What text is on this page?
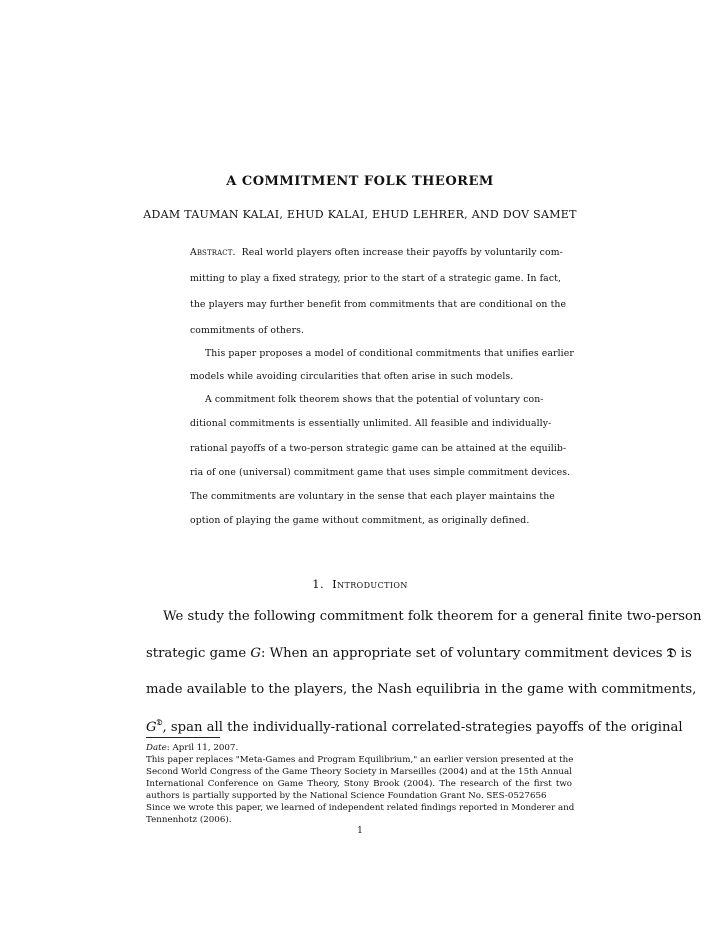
A COMMITMENT FOLK THEOREM
ADAM TAUMAN KALAI, EHUD KALAI, EHUD LEHRER, AND DOV SAMET
Abstract. Real world players often increase their payoffs by voluntarily com-
mitting to play a fixed strategy, prior to the start of a strategic game. In fact,
the players may further benefit from commitments that are conditional on the
commitments of others.
This paper proposes a model of conditional commitments that unifies earlier
models while avoiding circularities that often arise in such models.
A commitment folk theorem shows that the potential of voluntary con-
ditional commitments is essentially unlimited. All feasible and individually-
rational payoffs of a two-person strategic game can be attained at the equilib-
ria of one (universal) commitment game that uses simple commitment devices.
The commitments are voluntary in the sense that each player maintains the
option of playing the game without commitment, as originally defined.
1. Introduction
We study the following commitment folk theorem for a general finite two-person
strategic game G: When an appropriate set of voluntary commitment devices 𝔇 is
made available to the players, the Nash equilibria in the game with commitments,
$G^𝔇$, span all the individually-rational correlated-strategies payoffs of the original
Date: April 11, 2007.
This paper replaces "Meta-Games and Program Equilibrium," an earlier version presented at the
Second World Congress of the Game Theory Society in Marseilles (2004) and at the 15th Annual
International Conference on Game Theory, Stony Brook (2004). The research of the first two
authors is partially supported by the National Science Foundation Grant No. SES-0527656
Since we wrote this paper, we learned of independent related findings reported in Monderer and
Tennenhotz (2006).
1
